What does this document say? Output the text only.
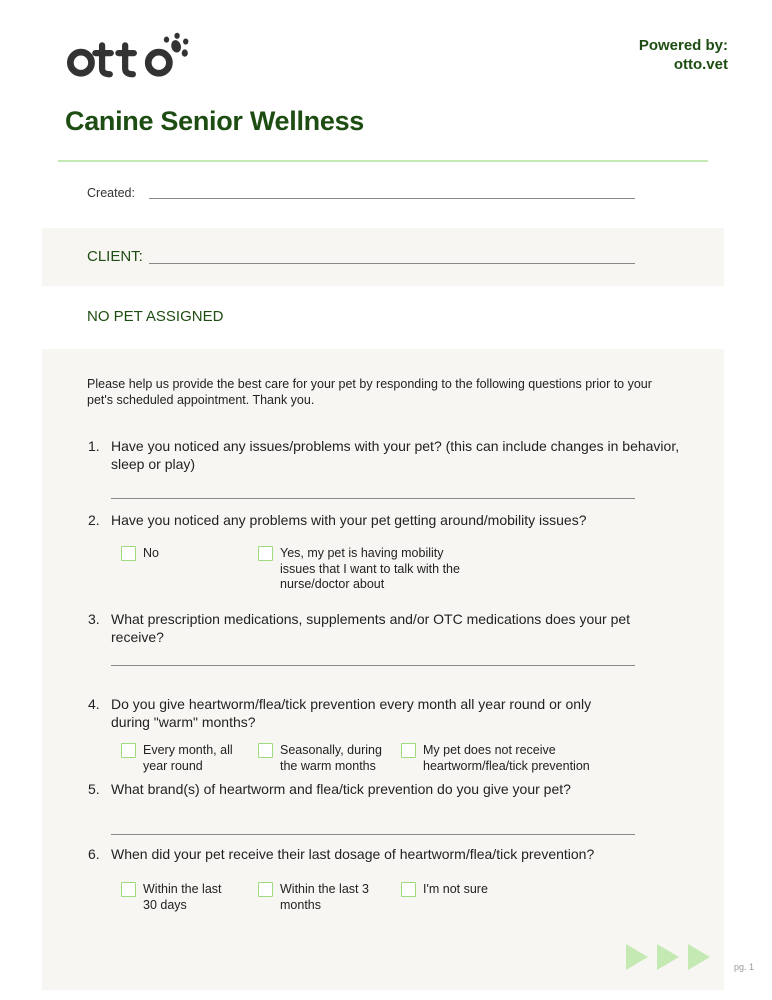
Powered by:
otto.vet
Canine Senior Wellness
Created:
CLIENT:
NO PET ASSIGNED
Please help us provide the best care for your pet by responding to the following questions prior to your pet's scheduled appointment. Thank you.
1. Have you noticed any issues/problems with your pet? (this can include changes in behavior, sleep or play)
2. Have you noticed any problems with your pet getting around/mobility issues?
No	Yes, my pet is having mobility issues that I want to talk with the nurse/doctor about
3. What prescription medications, supplements and/or OTC medications does your pet receive?
4. Do you give heartworm/flea/tick prevention every month all year round or only during "warm" months?
Every month, all year round
Seasonally, during the warm months
My pet does not receive heartworm/flea/tick prevention
5. What brand(s) of heartworm and flea/tick prevention do you give your pet?
6. When did your pet receive their last dosage of heartworm/flea/tick prevention?
Within the last 30 days
Within the last 3 months
I'm not sure
pg. 1
